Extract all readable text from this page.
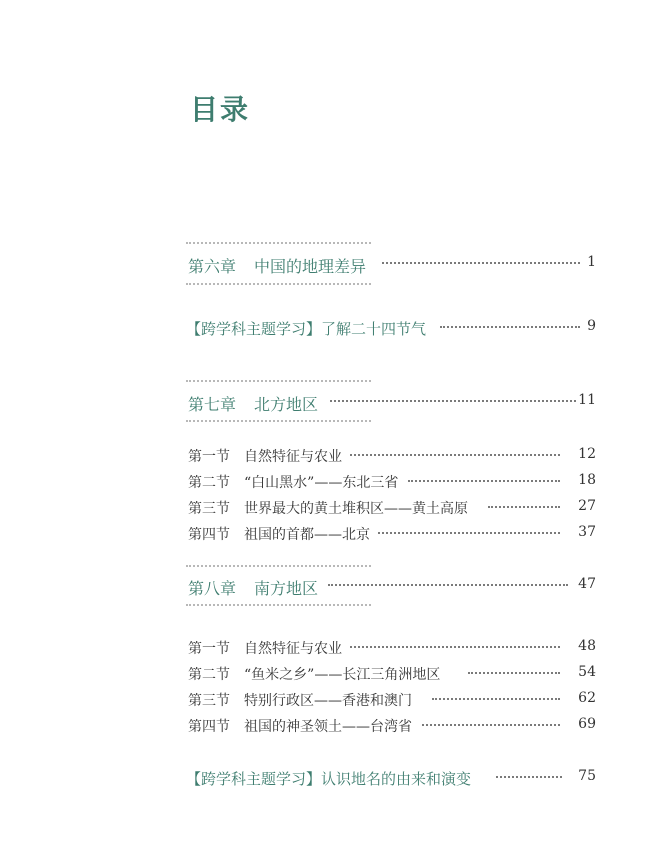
目录
第六章 中国的地理差异	1
【跨学科主题学习】了解二十四节气	9
第七章 北方地区	11
第一节 自然特征与农业	12
第二节 “白山黑水”——东北三省	18
第三节 世界最大的黄土堆积区——黄土高原	27
第四节 祖国的首都——北京	37
第八章 南方地区	47
第一节 自然特征与农业	48
第二节 “鱼米之乡”——长江三角洲地区	54
第三节 特别行政区——香港和澳门	62
第四节 祖国的神圣领土——台湾省	69
【跨学科主题学习】认识地名的由来和演变	75
